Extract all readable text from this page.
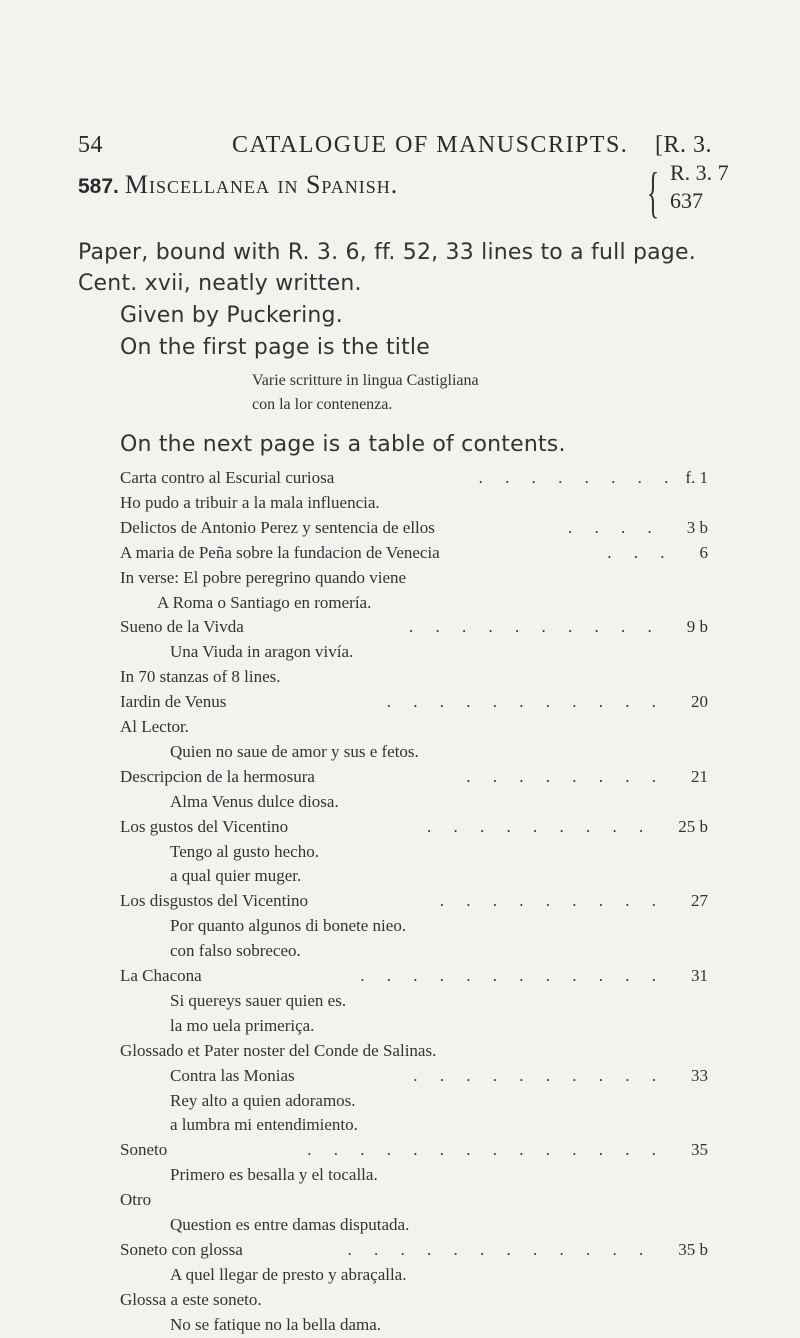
54	CATALOGUE OF MANUSCRIPTS. [R. 3.
587. Miscellanea in Spanish.	{ R. 3. 7
637
Paper, bound with R. 3. 6, ff. 52, 33 lines to a full page.
Cent. xvii, neatly written.
Given by Puckering.
On the first page is the title
Varie scritture in lingua Castigliana
con la lor contenenza.
On the next page is a table of contents.
Carta contro al Escurial curiosa	f. 1
. . . . . . . .
Ho pudo a tribuir a la mala influencia.
Delictos de Antonio Perez y sentencia de ellos	3 b
. . . .
A maria de Peña sobre la fundacion de Venecia	6
. . .
In verse: El pobre peregrino quando viene
A Roma o Santiago en romería.
Sueno de la Vivda	9 b
. . . . . . . . . .
Una Viuda in aragon vivía.
In 70 stanzas of 8 lines.
Iardin de Venus	20
. . . . . . . . . . .
Al Lector.
Quien no saue de amor y sus e fetos.
Descripcion de la hermosura	21
. . . . . . . .
Alma Venus dulce diosa.
Los gustos del Vicentino	25 b
. . . . . . . . .
Tengo al gusto hecho.
a qual quier muger.
Los disgustos del Vicentino	27
. . . . . . . . .
Por quanto algunos di bonete nieo.
con falso sobreceo.
La Chacona	31
. . . . . . . . . . . .
Si quereys sauer quien es.
la mo uela primeriça.
Glossado et Pater noster del Conde de Salinas.
Contra las Monias	33
. . . . . . . . . .
Rey alto a quien adoramos.
a lumbra mi entendimiento.
Soneto	35
. . . . . . . . . . . . . .
Primero es besalla y el tocalla.
Otro
Question es entre damas disputada.
Soneto con glossa	35 b
. . . . . . . . . . . .
A quel llegar de presto y abraçalla.
Glossa a este soneto.
No se fatique no la bella dama.
